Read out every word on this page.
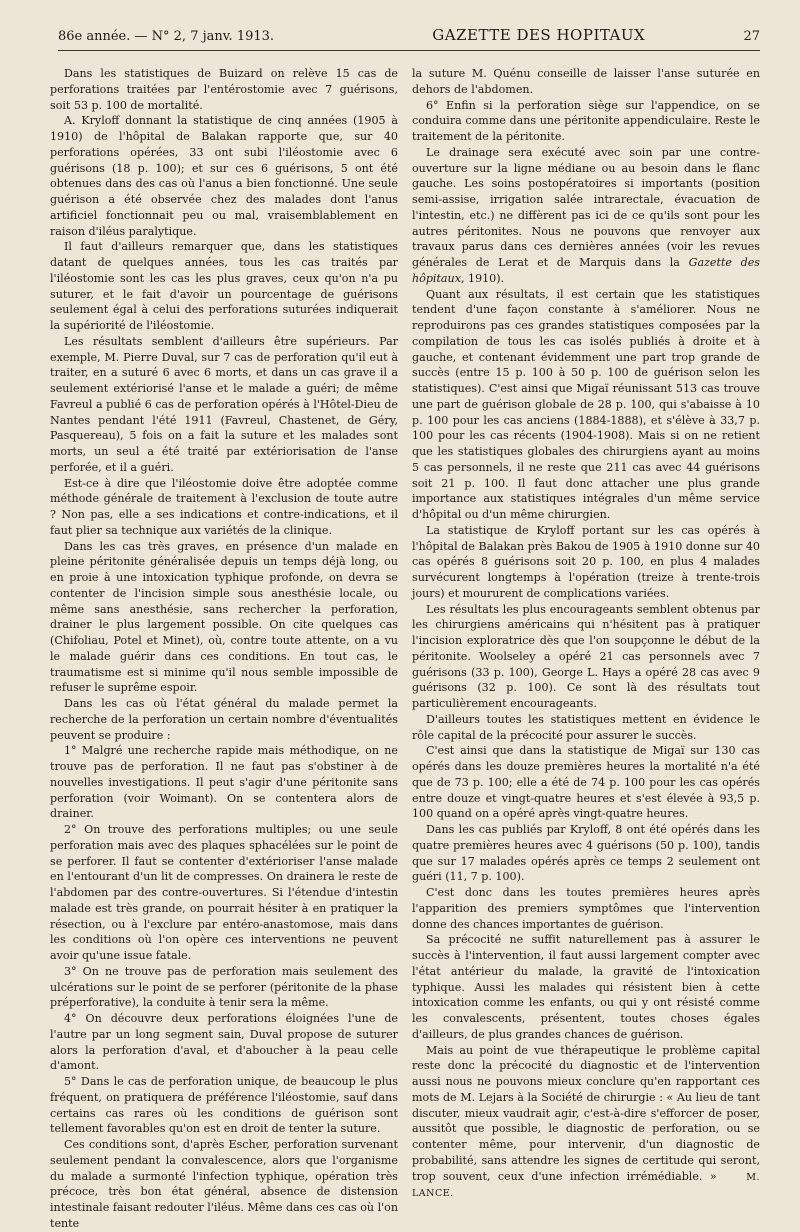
86e année. — N° 2, 7 janv. 1913.	GAZETTE DES HOPITAUX	27

Dans les statistiques de Buizard on relève 15 cas de perforations traitées par l'entérostomie avec 7 guérisons, soit 53 p. 100 de mortalité.

A. Kryloff donnant la statistique de cinq années (1905 à 1910) de l'hôpital de Balakan rapporte que, sur 40 perforations opérées, 33 ont subi l'iléostomie avec 6 guérisons (18 p. 100); et sur ces 6 guérisons, 5 ont été obtenues dans des cas où l'anus a bien fonctionné. Une seule guérison a été observée chez des malades dont l'anus artificiel fonctionnait peu ou mal, vraisemblablement en raison d'iléus paralytique.

Il faut d'ailleurs remarquer que, dans les statistiques datant de quelques années, tous les cas traités par l'iléostomie sont les cas les plus graves, ceux qu'on n'a pu suturer, et le fait d'avoir un pourcentage de guérisons seulement égal à celui des perforations suturées indiquerait la supériorité de l'iléostomie.

Les résultats semblent d'ailleurs être supérieurs. Par exemple, M. Pierre Duval, sur 7 cas de perforation qu'il eut à traiter, en a suturé 6 avec 6 morts, et dans un cas grave il a seulement extériorisé l'anse et le malade a guéri; de même Favreul a publié 6 cas de perforation opérés à l'Hôtel-Dieu de Nantes pendant l'été 1911 (Favreul, Chastenet, de Géry, Pasquereau), 5 fois on a fait la suture et les malades sont morts, un seul a été traité par extériorisation de l'anse perforée, et il a guéri.

Est-ce à dire que l'iléostomie doive être adoptée comme méthode générale de traitement à l'exclusion de toute autre ? Non pas, elle a ses indications et contre-indications, et il faut plier sa technique aux variétés de la clinique.

Dans les cas très graves, en présence d'un malade en pleine péritonite généralisée depuis un temps déjà long, ou en proie à une intoxication typhique profonde, on devra se contenter de l'incision simple sous anesthésie locale, ou même sans anesthésie, sans rechercher la perforation, drainer le plus largement possible. On cite quelques cas (Chifoliau, Potel et Minet), où, contre toute attente, on a vu le malade guérir dans ces conditions. En tout cas, le traumatisme est si minime qu'il nous semble impossible de refuser le suprême espoir.

Dans les cas où l'état général du malade permet la recherche de la perforation un certain nombre d'éventualités peuvent se produire :

1° Malgré une recherche rapide mais méthodique, on ne trouve pas de perforation. Il ne faut pas s'obstiner à de nouvelles investigations. Il peut s'agir d'une péritonite sans perforation (voir Woimant). On se contentera alors de drainer.

2° On trouve des perforations multiples; ou une seule perforation mais avec des plaques sphacélées sur le point de se perforer. Il faut se contenter d'extérioriser l'anse malade en l'entourant d'un lit de compresses. On drainera le reste de l'abdomen par des contre-ouvertures. Si l'étendue d'intestin malade est très grande, on pourrait hésiter à en pratiquer la résection, ou à l'exclure par entéro-anastomose, mais dans les conditions où l'on opère ces interventions ne peuvent avoir qu'une issue fatale.

3° On ne trouve pas de perforation mais seulement des ulcérations sur le point de se perforer (péritonite de la phase préperforative), la conduite à tenir sera la même.

4° On découvre deux perforations éloignées l'une de l'autre par un long segment sain, Duval propose de suturer alors la perforation d'aval, et d'aboucher à la peau celle d'amont.

5° Dans le cas de perforation unique, de beaucoup le plus fréquent, on pratiquera de préférence l'iléostomie, sauf dans certains cas rares où les conditions de guérison sont tellement favorables qu'on est en droit de tenter la suture.

Ces conditions sont, d'après Escher, perforation survenant seulement pendant la convalescence, alors que l'organisme du malade a surmonté l'infection typhique, opération très précoce, très bon état général, absence de distension intestinale faisant redouter l'iléus. Même dans ces cas où l'on tente

la suture M. Quénu conseille de laisser l'anse suturée en dehors de l'abdomen.

6° Enfin si la perforation siège sur l'appendice, on se conduira comme dans une péritonite appendiculaire. Reste le traitement de la péritonite.

Le drainage sera exécuté avec soin par une contre-ouverture sur la ligne médiane ou au besoin dans le flanc gauche. Les soins postopératoires si importants (position semi-assise, irrigation salée intrarectale, évacuation de l'intestin, etc.) ne diffèrent pas ici de ce qu'ils sont pour les autres péritonites. Nous ne pouvons que renvoyer aux travaux parus dans ces dernières années (voir les revues générales de Lerat et de Marquis dans la Gazette des hôpitaux, 1910).

Quant aux résultats, il est certain que les statistiques tendent d'une façon constante à s'améliorer. Nous ne reproduirons pas ces grandes statistiques composées par la compilation de tous les cas isolés publiés à droite et à gauche, et contenant évidemment une part trop grande de succès (entre 15 p. 100 à 50 p. 100 de guérison selon les statistiques). C'est ainsi que Migaï réunissant 513 cas trouve une part de guérison globale de 28 p. 100, qui s'abaisse à 10 p. 100 pour les cas anciens (1884-1888), et s'élève à 33,7 p. 100 pour les cas récents (1904-1908). Mais si on ne retient que les statistiques globales des chirurgiens ayant au moins 5 cas personnels, il ne reste que 211 cas avec 44 guérisons soit 21 p. 100. Il faut donc attacher une plus grande importance aux statistiques intégrales d'un même service d'hôpital ou d'un même chirurgien.

La statistique de Kryloff portant sur les cas opérés à l'hôpital de Balakan près Bakou de 1905 à 1910 donne sur 40 cas opérés 8 guérisons soit 20 p. 100, en plus 4 malades survécurent longtemps à l'opération (treize à trente-trois jours) et moururent de complications variées.

Les résultats les plus encourageants semblent obtenus par les chirurgiens américains qui n'hésitent pas à pratiquer l'incision exploratrice dès que l'on soupçonne le début de la péritonite. Woolseley a opéré 21 cas personnels avec 7 guérisons (33 p. 100), George L. Hays a opéré 28 cas avec 9 guérisons (32 p. 100). Ce sont là des résultats tout particulièrement encourageants.

D'ailleurs toutes les statistiques mettent en évidence le rôle capital de la précocité pour assurer le succès.

C'est ainsi que dans la statistique de Migaï sur 130 cas opérés dans les douze premières heures la mortalité n'a été que de 73 p. 100; elle a été de 74 p. 100 pour les cas opérés entre douze et vingt-quatre heures et s'est élevée à 93,5 p. 100 quand on a opéré après vingt-quatre heures.

Dans les cas publiés par Kryloff, 8 ont été opérés dans les quatre premières heures avec 4 guérisons (50 p. 100), tandis que sur 17 malades opérés après ce temps 2 seulement ont guéri (11, 7 p. 100).

C'est donc dans les toutes premières heures après l'apparition des premiers symptômes que l'intervention donne des chances importantes de guérison.

Sa précocité ne suffit naturellement pas à assurer le succès à l'intervention, il faut aussi largement compter avec l'état antérieur du malade, la gravité de l'intoxication typhique. Aussi les malades qui résistent bien à cette intoxication comme les enfants, ou qui y ont résisté comme les convalescents, présentent, toutes choses égales d'ailleurs, de plus grandes chances de guérison.

Mais au point de vue thérapeutique le problème capital reste donc la précocité du diagnostic et de l'intervention aussi nous ne pouvons mieux conclure qu'en rapportant ces mots de M. Lejars à la Société de chirurgie : « Au lieu de tant discuter, mieux vaudrait agir, c'est-à-dire s'efforcer de poser, aussitôt que possible, le diagnostic de perforation, ou se contenter même, pour intervenir, d'un diagnostic de probabilité, sans attendre les signes de certitude qui seront, trop souvent, ceux d'une infection irrémédiable. »	M. LANCE.
